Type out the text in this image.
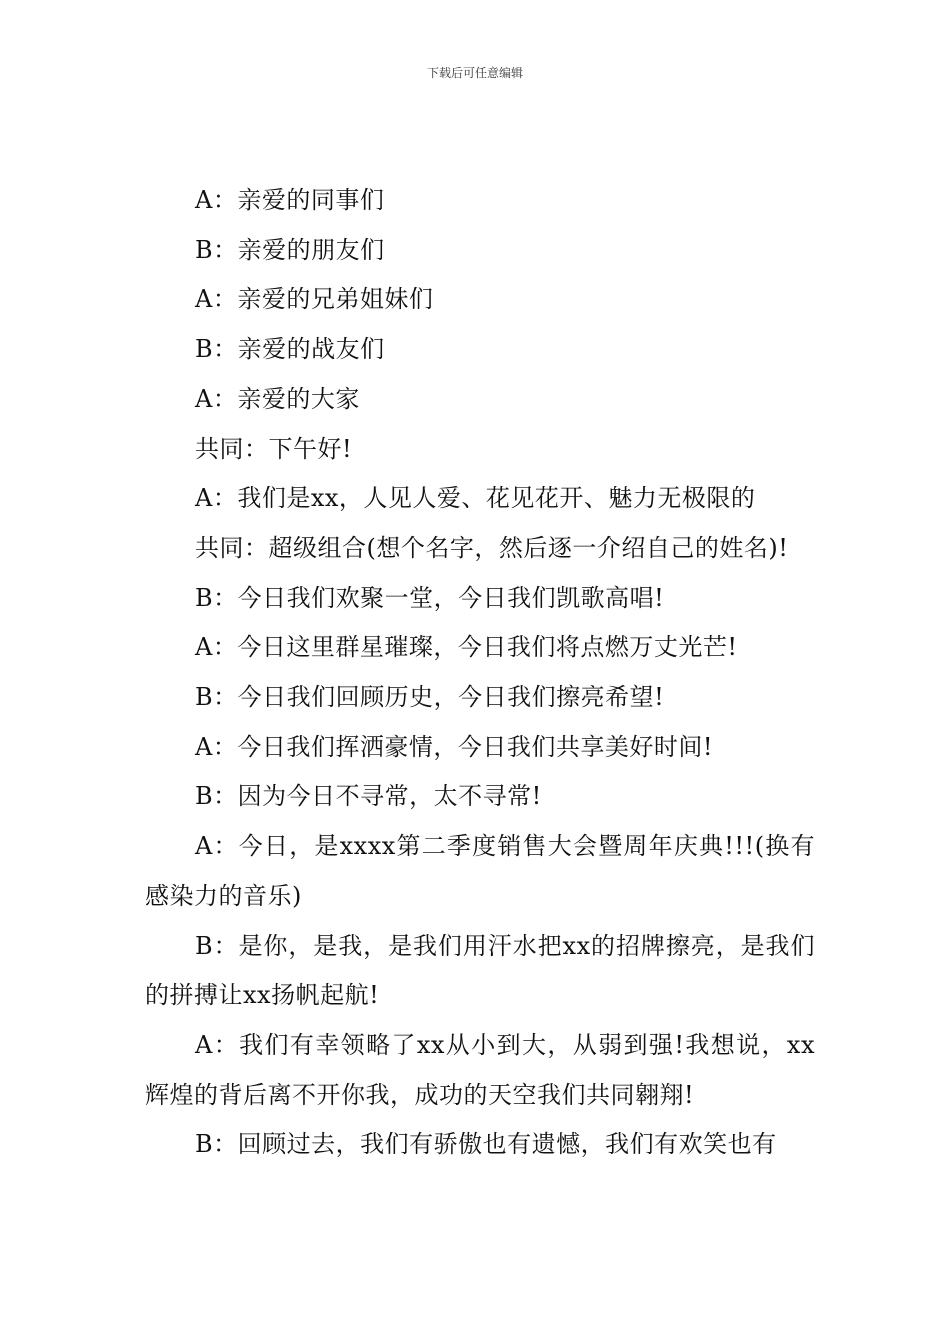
下载后可任意编辑

A：亲爱的同事们

B：亲爱的朋友们

A：亲爱的兄弟姐妹们

B：亲爱的战友们

A：亲爱的大家

共同：下午好!

A：我们是xx，人见人爱、花见花开、魅力无极限的

共同：超级组合(想个名字，然后逐一介绍自己的姓名)!

B：今日我们欢聚一堂，今日我们凯歌高唱!

A：今日这里群星璀璨，今日我们将点燃万丈光芒!

B：今日我们回顾历史，今日我们擦亮希望!

A：今日我们挥洒豪情，今日我们共享美好时间!

B：因为今日不寻常，太不寻常!

A：今日，是xxxx第二季度销售大会暨周年庆典!!!(换有感染力的音乐)

B：是你，是我，是我们用汗水把xx的招牌擦亮，是我们的拼搏让xx扬帆起航!

A：我们有幸领略了xx从小到大，从弱到强!我想说，xx辉煌的背后离不开你我，成功的天空我们共同翱翔!

B：回顾过去，我们有骄傲也有遗憾，我们有欢笑也有
